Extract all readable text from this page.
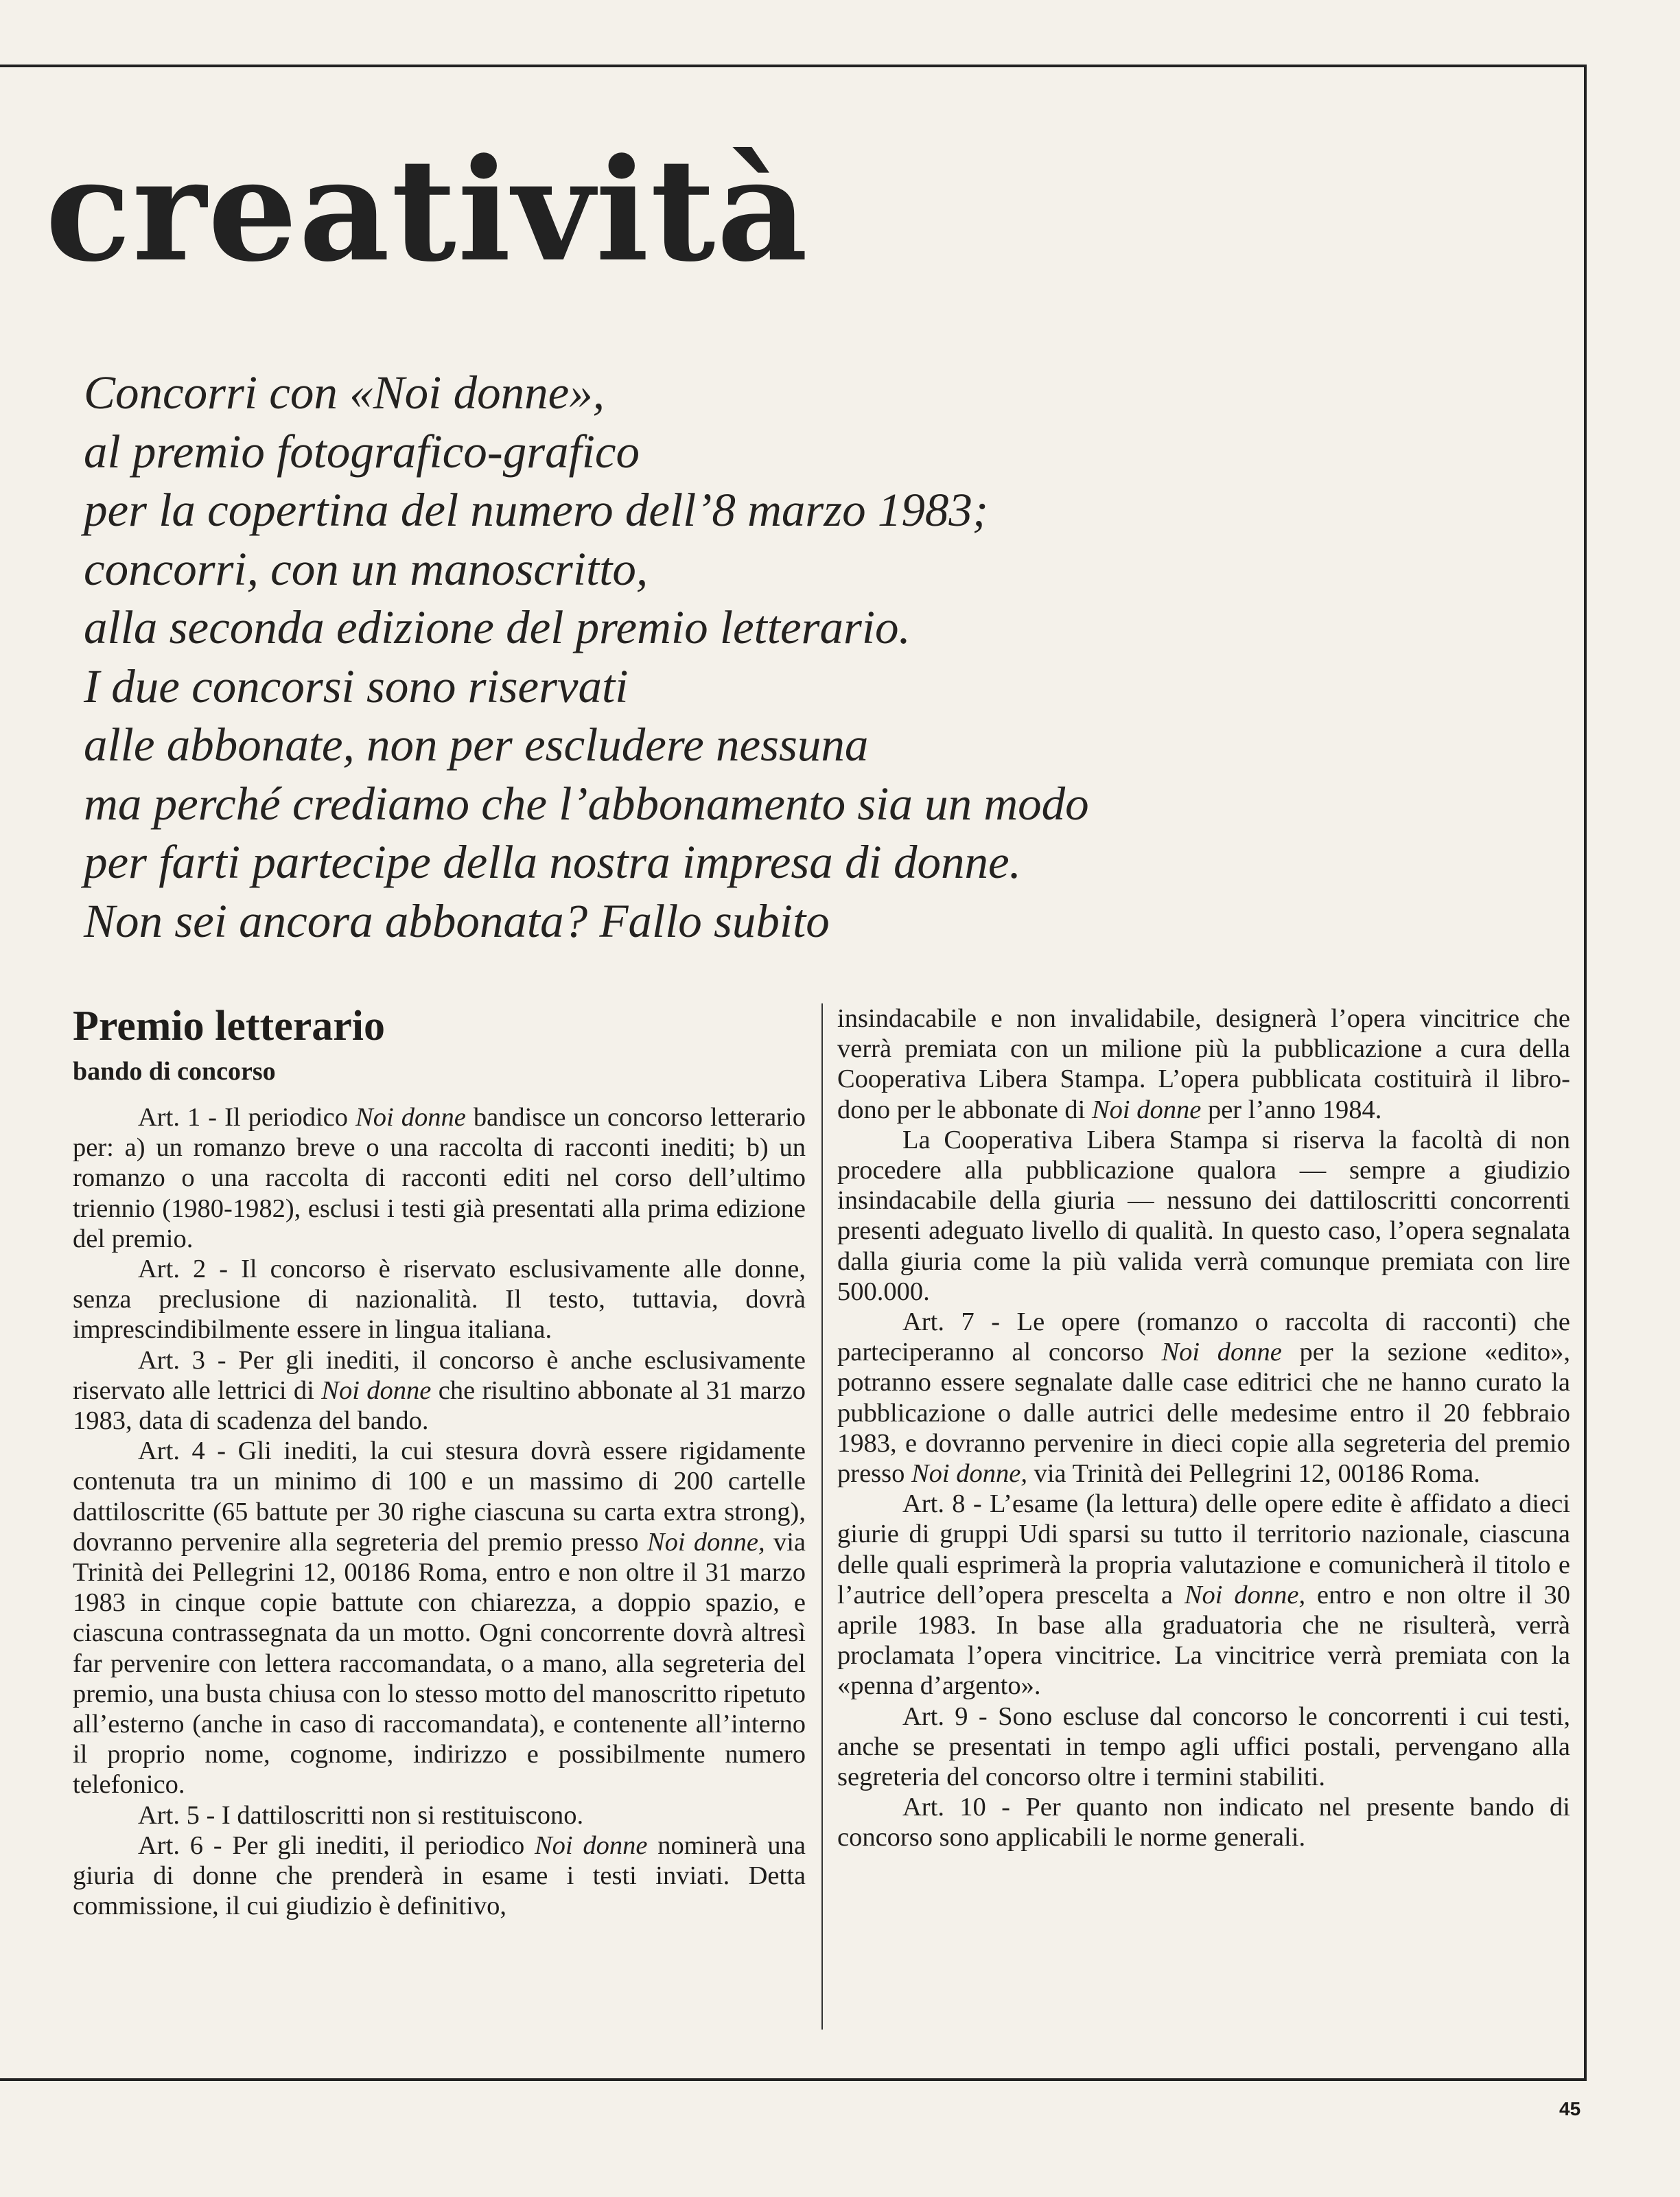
creatività
Concorri con «Noi donne»,
al premio fotografico-grafico
per la copertina del numero dell’8 marzo 1983;
concorri, con un manoscritto,
alla seconda edizione del premio letterario.
I due concorsi sono riservati
alle abbonate, non per escludere nessuna
ma perché crediamo che l’abbonamento sia un modo
per farti partecipe della nostra impresa di donne.
Non sei ancora abbonata? Fallo subito
Premio letterario
bando di concorso

Art. 1 - Il periodico Noi donne bandisce un concorso letterario per: a) un romanzo breve o una raccolta di racconti inediti; b) un romanzo o una raccolta di racconti editi nel corso dell’ultimo triennio (1980-1982), esclusi i testi già presentati alla prima edizione del premio.

Art. 2 - Il concorso è riservato esclusivamente alle donne, senza preclusione di nazionalità. Il testo, tuttavia, dovrà imprescindibilmente essere in lingua italiana.

Art. 3 - Per gli inediti, il concorso è anche esclusivamente riservato alle lettrici di Noi donne che risultino abbonate al 31 marzo 1983, data di scadenza del bando.

Art. 4 - Gli inediti, la cui stesura dovrà essere rigidamente contenuta tra un minimo di 100 e un massimo di 200 cartelle dattiloscritte (65 battute per 30 righe ciascuna su carta extra strong), dovranno pervenire alla segreteria del premio presso Noi donne, via Trinità dei Pellegrini 12, 00186 Roma, entro e non oltre il 31 marzo 1983 in cinque copie battute con chiarezza, a doppio spazio, e ciascuna contrassegnata da un motto. Ogni concorrente dovrà altresì far pervenire con lettera raccomandata, o a mano, alla segreteria del premio, una busta chiusa con lo stesso motto del manoscritto ripetuto all’esterno (anche in caso di raccomandata), e contenente all’interno il proprio nome, cognome, indirizzo e possibilmente numero telefonico.

Art. 5 - I dattiloscritti non si restituiscono.

Art. 6 - Per gli inediti, il periodico Noi donne nominerà una giuria di donne che prenderà in esame i testi inviati. Detta commissione, il cui giudizio è definitivo,

insindacabile e non invalidabile, designerà l’opera vincitrice che verrà premiata con un milione più la pubblicazione a cura della Cooperativa Libera Stampa. L’opera pubblicata costituirà il libro-dono per le abbonate di Noi donne per l’anno 1984.

La Cooperativa Libera Stampa si riserva la facoltà di non procedere alla pubblicazione qualora — sempre a giudizio insindacabile della giuria — nessuno dei dattiloscritti concorrenti presenti adeguato livello di qualità. In questo caso, l’opera segnalata dalla giuria come la più valida verrà comunque premiata con lire 500.000.

Art. 7 - Le opere (romanzo o raccolta di racconti) che parteciperanno al concorso Noi donne per la sezione «edito», potranno essere segnalate dalle case editrici che ne hanno curato la pubblicazione o dalle autrici delle medesime entro il 20 febbraio 1983, e dovranno pervenire in dieci copie alla segreteria del premio presso Noi donne, via Trinità dei Pellegrini 12, 00186 Roma.

Art. 8 - L’esame (la lettura) delle opere edite è affidato a dieci giurie di gruppi Udi sparsi su tutto il territorio nazionale, ciascuna delle quali esprimerà la propria valutazione e comunicherà il titolo e l’autrice dell’opera prescelta a Noi donne, entro e non oltre il 30 aprile 1983. In base alla graduatoria che ne risulterà, verrà proclamata l’opera vincitrice. La vincitrice verrà premiata con la «penna d’argento».

Art. 9 - Sono escluse dal concorso le concorrenti i cui testi, anche se presentati in tempo agli uffici postali, pervengano alla segreteria del concorso oltre i termini stabiliti.

Art. 10 - Per quanto non indicato nel presente bando di concorso sono applicabili le norme generali.

45
